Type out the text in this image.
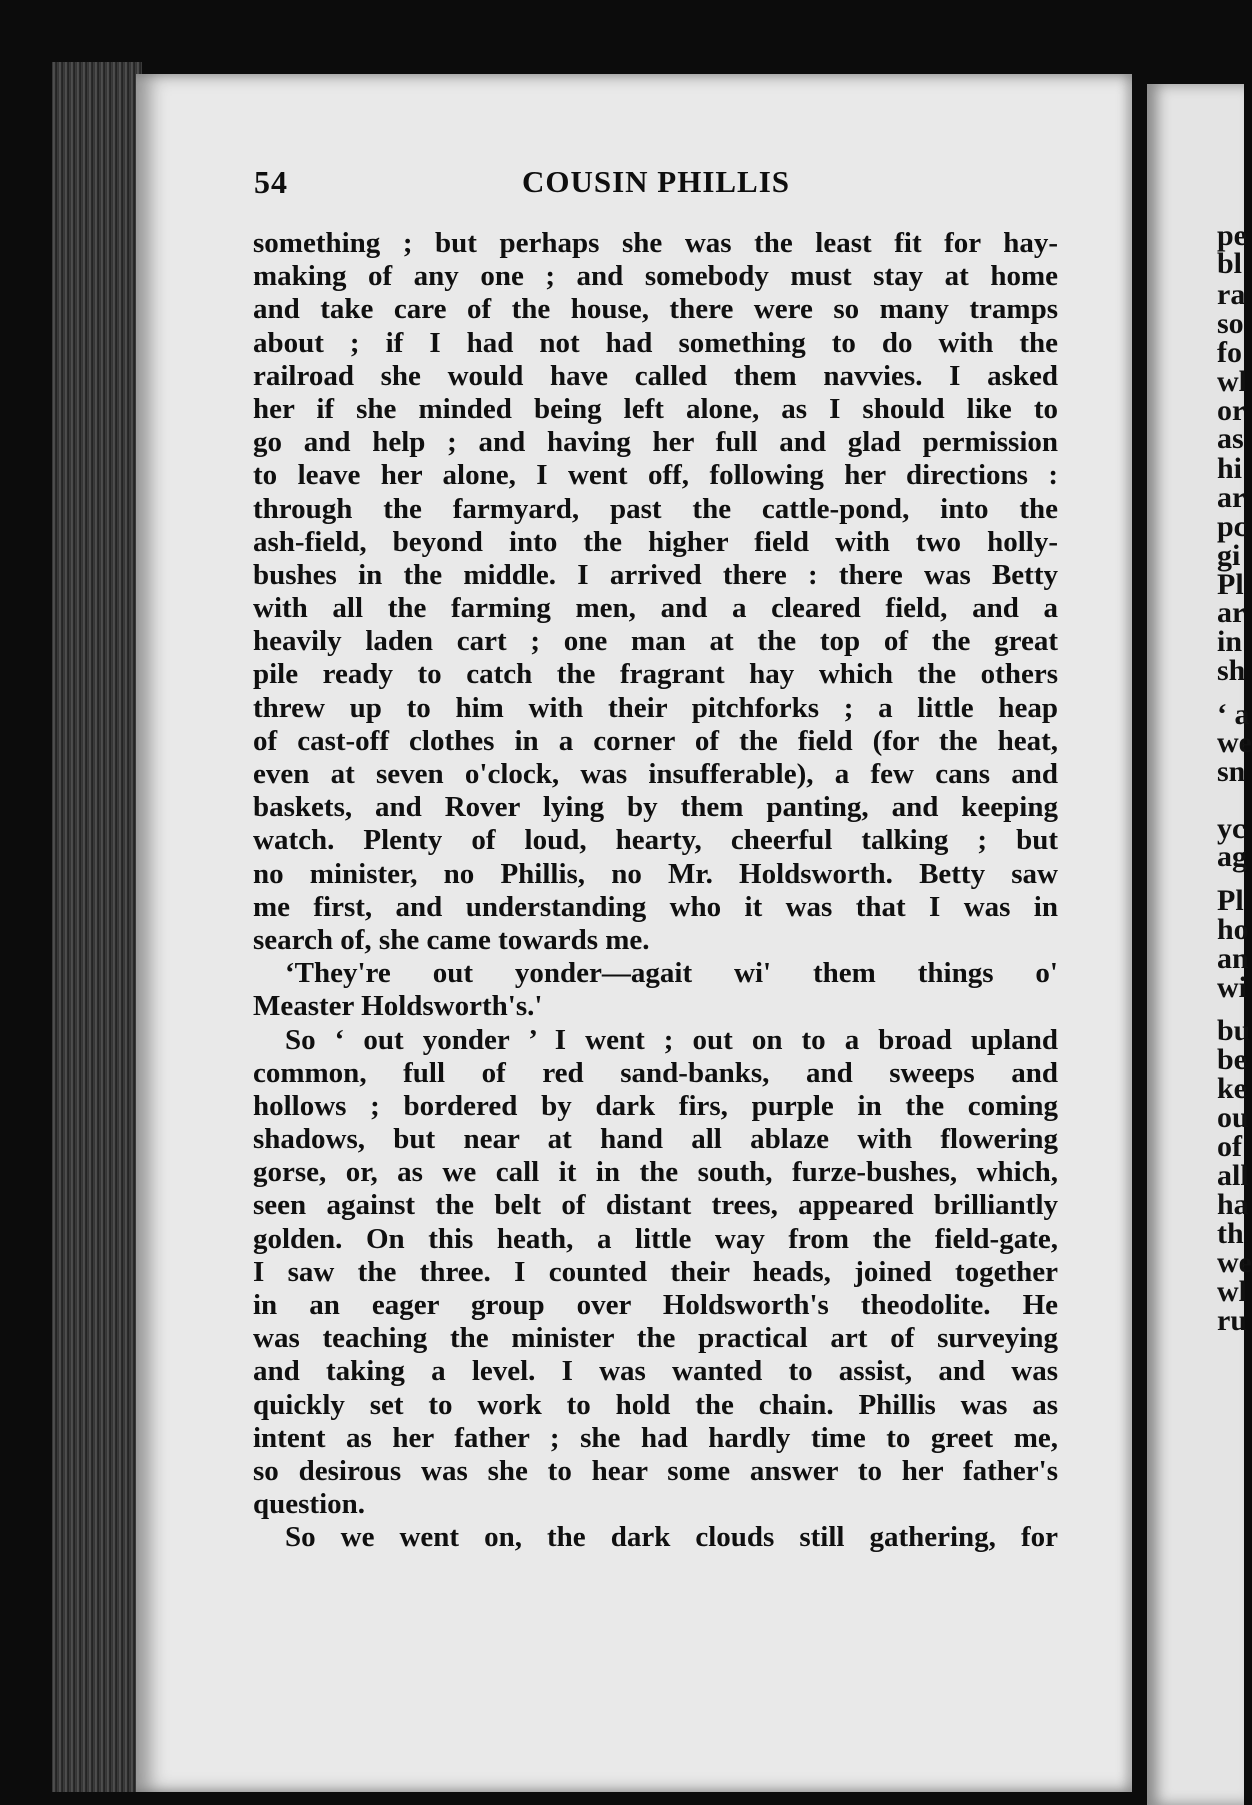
pe
bl
ra
so
fo
wl
or
as
hi
ar
pc
gi
Pl
ar
in
sh
‘ a
we
sn
yc
ag
Pl
ho
an
wi
bu
be
ke
ou
of
all
ha
th
we
wl
ru
54	COUSIN PHILLIS
something ; but perhaps she was the least fit for hay-
making of any one ; and somebody must stay at home
and take care of the house, there were so many tramps
about ; if I had not had something to do with the
railroad she would have called them navvies. I asked
her if she minded being left alone, as I should like to
go and help ; and having her full and glad permission
to leave her alone, I went off, following her directions :
through the farmyard, past the cattle-pond, into the
ash-field, beyond into the higher field with two holly-
bushes in the middle. I arrived there : there was Betty
with all the farming men, and a cleared field, and a
heavily laden cart ; one man at the top of the great
pile ready to catch the fragrant hay which the others
threw up to him with their pitchforks ; a little heap
of cast-off clothes in a corner of the field (for the heat,
even at seven o'clock, was insufferable), a few cans and
baskets, and Rover lying by them panting, and keeping
watch. Plenty of loud, hearty, cheerful talking ; but
no minister, no Phillis, no Mr. Holdsworth. Betty saw
me first, and understanding who it was that I was in
search of, she came towards me.
‘They're out yonder—agait wi' them things o'
Measter Holdsworth's.'
So ‘ out yonder ’ I went ; out on to a broad upland
common, full of red sand-banks, and sweeps and
hollows ; bordered by dark firs, purple in the coming
shadows, but near at hand all ablaze with flowering
gorse, or, as we call it in the south, furze-bushes, which,
seen against the belt of distant trees, appeared brilliantly
golden. On this heath, a little way from the field-gate,
I saw the three. I counted their heads, joined together
in an eager group over Holdsworth's theodolite. He
was teaching the minister the practical art of surveying
and taking a level. I was wanted to assist, and was
quickly set to work to hold the chain. Phillis was as
intent as her father ; she had hardly time to greet me,
so desirous was she to hear some answer to her father's
question.
So we went on, the dark clouds still gathering, for
